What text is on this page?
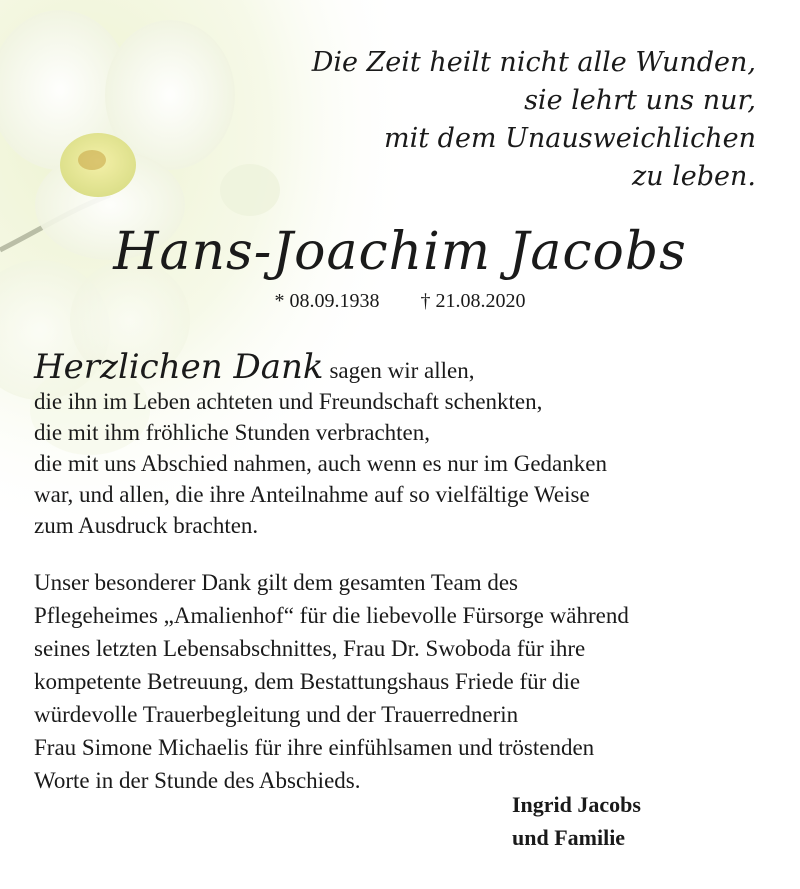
Die Zeit heilt nicht alle Wunden,
sie lehrt uns nur,
mit dem Unausweichlichen
zu leben.
Hans-Joachim Jacobs
* 08.09.1938 † 21.08.2020
Herzlichen Dank sagen wir allen,
die ihn im Leben achteten und Freundschaft schenkten,
die mit ihm fröhliche Stunden verbrachten,
die mit uns Abschied nahmen, auch wenn es nur im Gedanken
war, und allen, die ihre Anteilnahme auf so vielfältige Weise
zum Ausdruck brachten.
Unser besonderer Dank gilt dem gesamten Team des
Pflegeheimes „Amalienhof“ für die liebevolle Fürsorge während
seines letzten Lebensabschnittes, Frau Dr. Swoboda für ihre
kompetente Betreuung, dem Bestattungshaus Friede für die
würdevolle Trauerbegleitung und der Trauerrednerin
Frau Simone Michaelis für ihre einfühlsamen und tröstenden
Worte in der Stunde des Abschieds.
Ingrid Jacobs
und Familie
